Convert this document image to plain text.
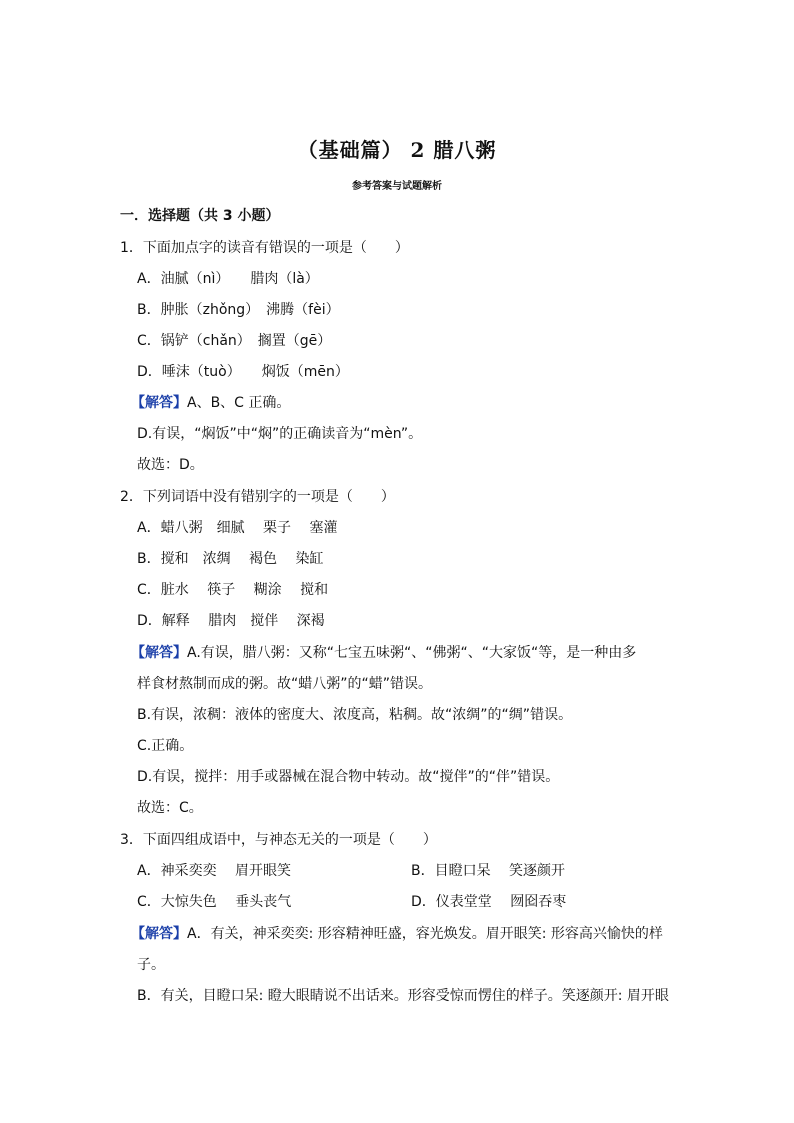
（基础篇） 2 腊八粥
参考答案与试题解析
一．选择题（共 3 小题）
1．下面加点字的读音有错误的一项是（　　）
A．油腻（nì）　　腊肉（là）
B．肿胀（zhǒng）　沸腾（fèi）
C．锅铲（chǎn）　搁置（gē）
D．唾沫（tuò）　　焖饭（mēn）
【解答】A、B、C 正确。
D.有误，“焖饭”中“焖”的正确读音为“mèn”。
故选：D。
2．下列词语中没有错别字的一项是（　　）
A．蜡八粥　细腻　 栗子　 塞灌
B．搅和　浓绸　 褐色　 染缸
C．脏水　 筷子　 糊涂　 搅和
D．解释　 腊肉　搅伴　 深褐
【解答】A.有误，腊八粥：又称“七宝五味粥“、“佛粥“、“大家饭“等，是一种由多
样食材熬制而成的粥。故“蜡八粥”的“蜡”错误。
B.有误，浓稠：液体的密度大、浓度高，粘稠。故“浓绸”的“绸”错误。
C.正确。
D.有误，搅拌：用手或器械在混合物中转动。故“搅伴”的“伴”错误。
故选：C。
3．下面四组成语中，与神态无关的一项是（　　）
A．神采奕奕　 眉开眼笑	B．目瞪口呆　 笑逐颜开
C．大惊失色　 垂头丧气	D．仪表堂堂　 囫囵吞枣
【解答】A．有关，神采奕奕: 形容精神旺盛，容光焕发。眉开眼笑: 形容高兴愉快的样
子。
B．有关，目瞪口呆: 瞪大眼睛说不出话来。形容受惊而愣住的样子。笑逐颜开: 眉开眼
